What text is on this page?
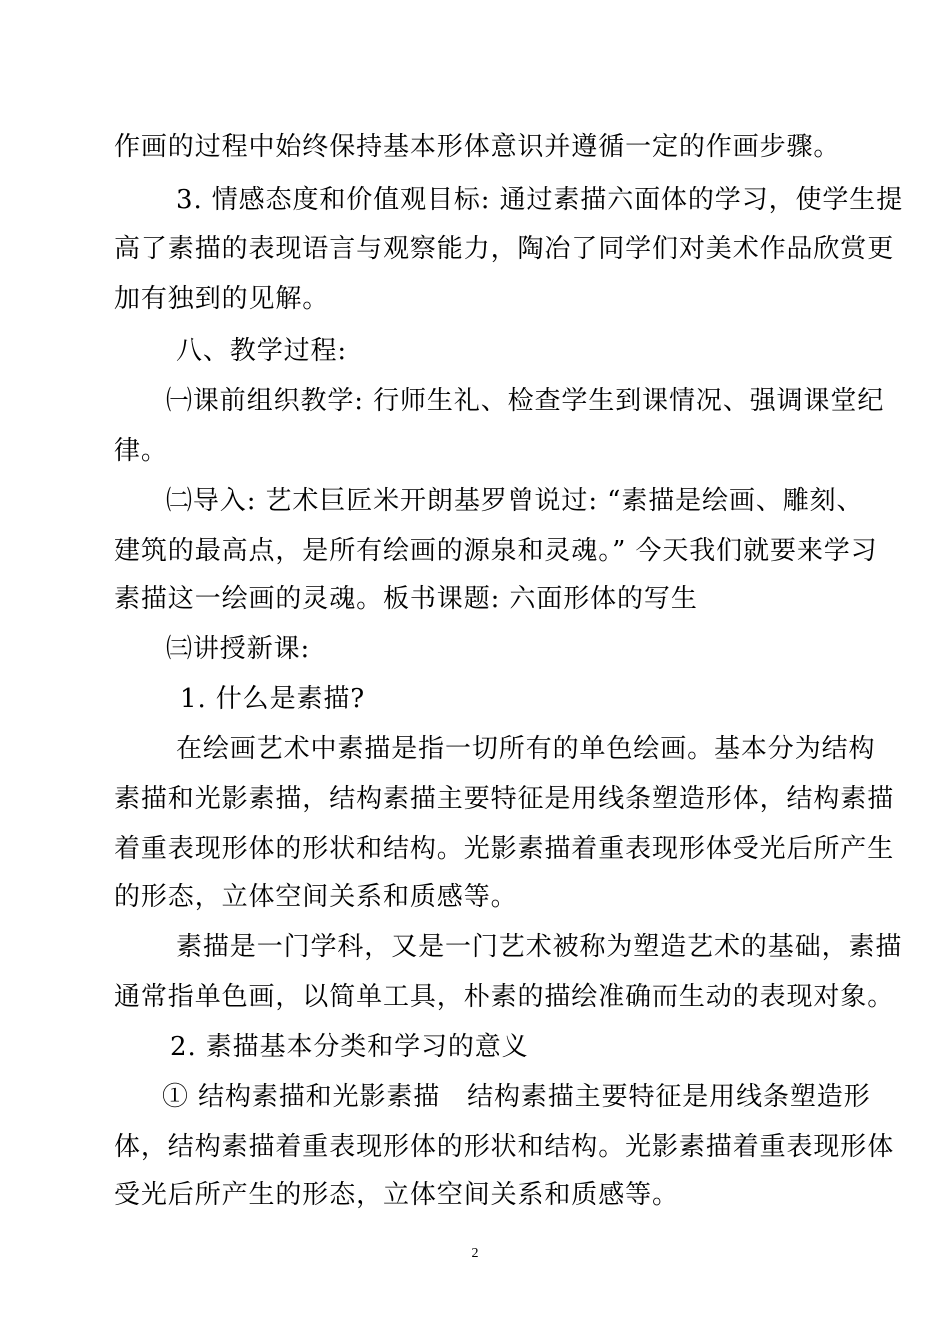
作画的过程中始终保持基本形体意识并遵循一定的作画步骤。
3. 情感态度和价值观目标: 通过素描六面体的学习，使学生提
高了素描的表现语言与观察能力，陶冶了同学们对美术作品欣赏更
加有独到的见解。
八、教学过程:
㈠课前组织教学: 行师生礼、检查学生到课情况、强调课堂纪
律。
㈡导入: 艺术巨匠米开朗基罗曾说过: “素描是绘画、雕刻、
建筑的最高点，是所有绘画的源泉和灵魂。” 今天我们就要来学习
素描这一绘画的灵魂。板书课题: 六面形体的写生
㈢讲授新课:
1. 什么是素描?
在绘画艺术中素描是指一切所有的单色绘画。基本分为结构
素描和光影素描，结构素描主要特征是用线条塑造形体，结构素描
着重表现形体的形状和结构。光影素描着重表现形体受光后所产生
的形态，立体空间关系和质感等。
素描是一门学科，又是一门艺术被称为塑造艺术的基础，素描
通常指单色画，以简单工具，朴素的描绘准确而生动的表现对象。
2. 素描基本分类和学习的意义
① 结构素描和光影素描　结构素描主要特征是用线条塑造形
体，结构素描着重表现形体的形状和结构。光影素描着重表现形体
受光后所产生的形态，立体空间关系和质感等。
2
